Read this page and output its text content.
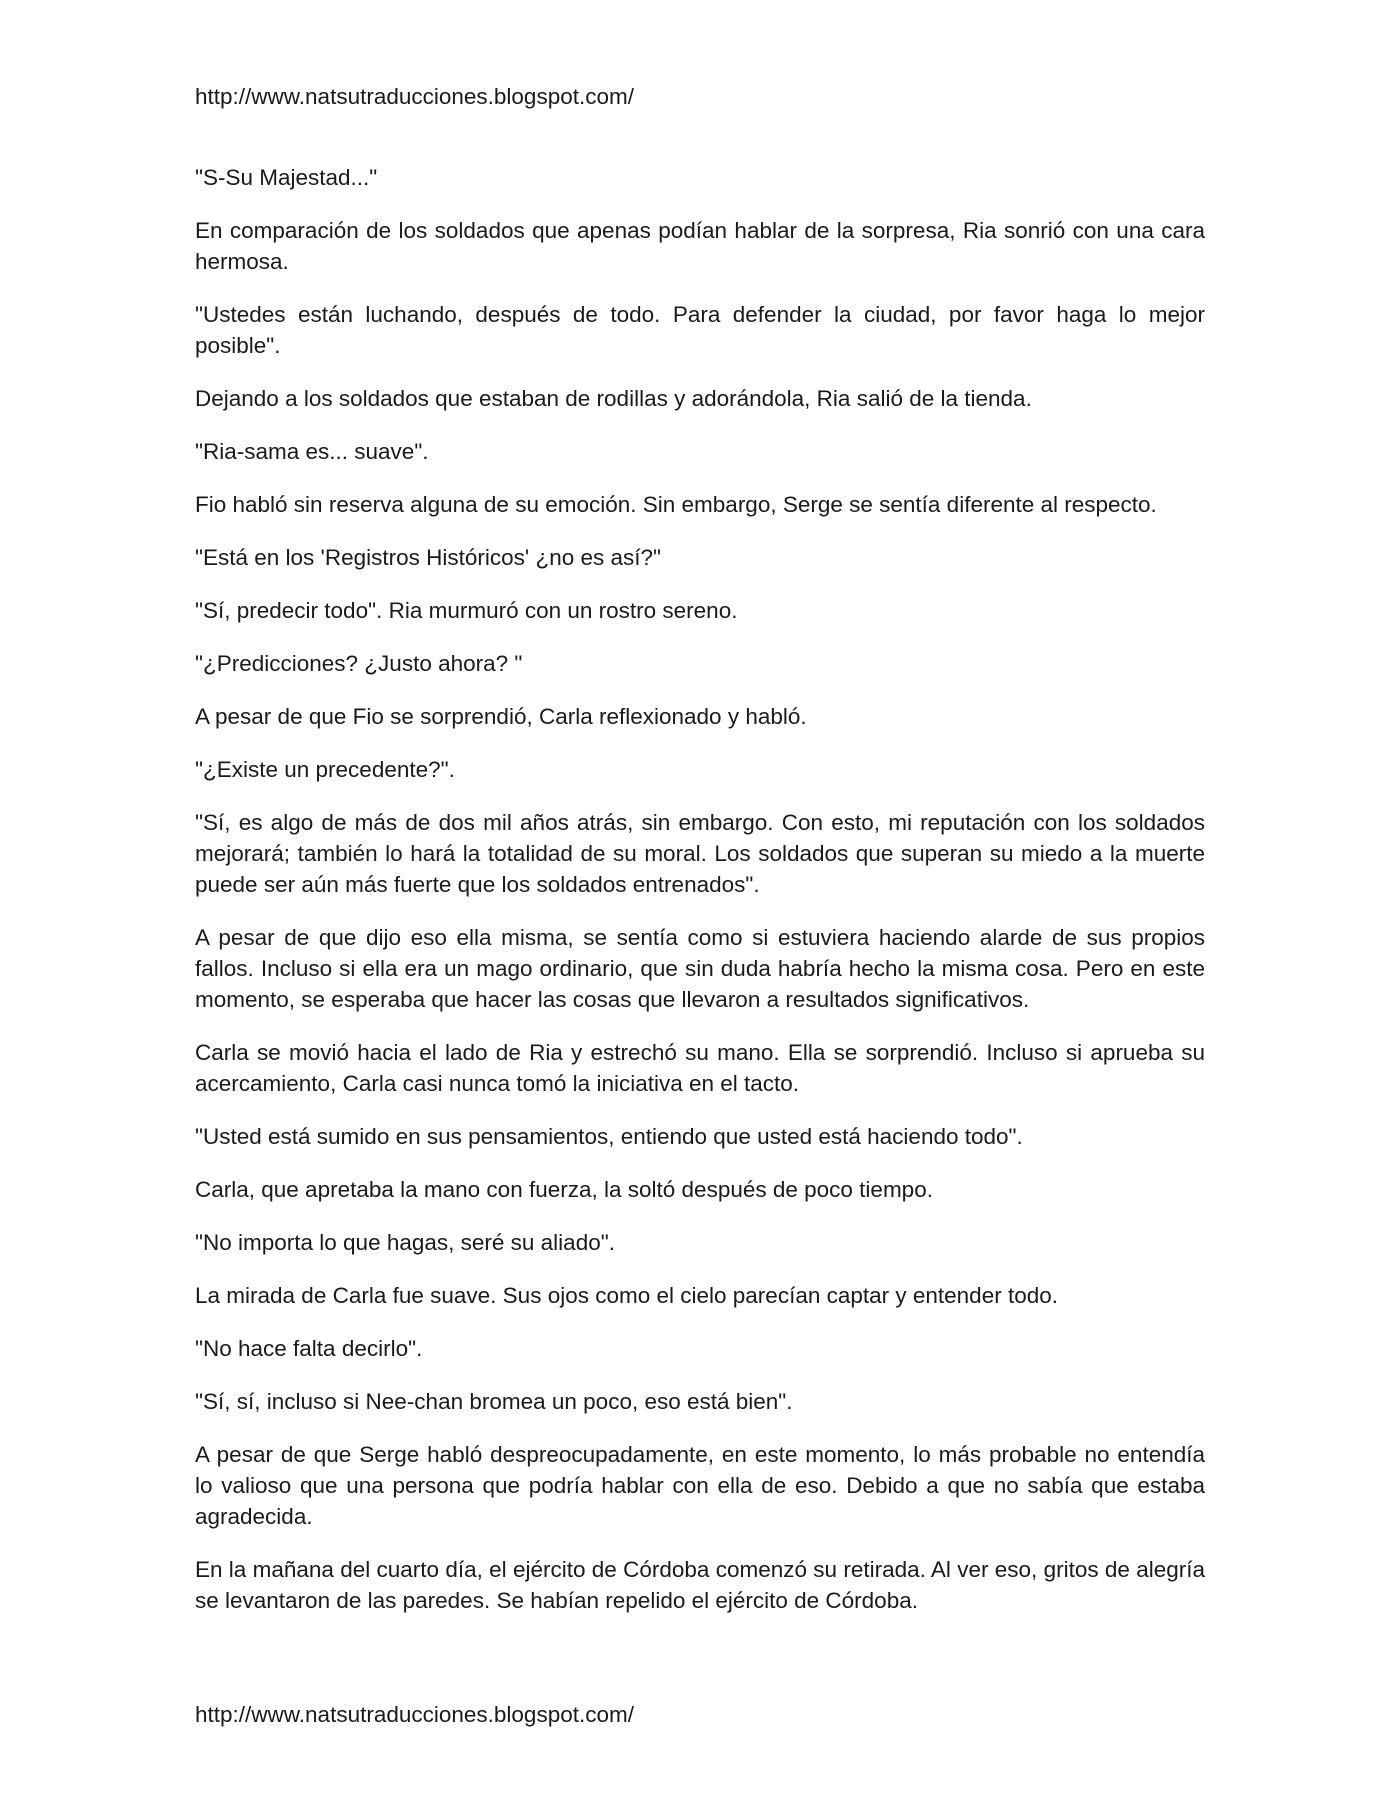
http://www.natsutraducciones.blogspot.com/

"S-Su Majestad..."

En comparación de los soldados que apenas podían hablar de la sorpresa, Ria sonrió con una cara hermosa.

"Ustedes están luchando, después de todo. Para defender la ciudad, por favor haga lo mejor posible".

Dejando a los soldados que estaban de rodillas y adorándola, Ria salió de la tienda.

"Ria-sama es... suave".

Fio habló sin reserva alguna de su emoción. Sin embargo, Serge se sentía diferente al respecto.

"Está en los 'Registros Históricos' ¿no es así?"

"Sí, predecir todo". Ria murmuró con un rostro sereno.

"¿Predicciones? ¿Justo ahora? "

A pesar de que Fio se sorprendió, Carla reflexionado y habló.

"¿Existe un precedente?".

"Sí, es algo de más de dos mil años atrás, sin embargo. Con esto, mi reputación con los soldados mejorará; también lo hará la totalidad de su moral. Los soldados que superan su miedo a la muerte puede ser aún más fuerte que los soldados entrenados".

A pesar de que dijo eso ella misma, se sentía como si estuviera haciendo alarde de sus propios fallos. Incluso si ella era un mago ordinario, que sin duda habría hecho la misma cosa. Pero en este momento, se esperaba que hacer las cosas que llevaron a resultados significativos.

Carla se movió hacia el lado de Ria y estrechó su mano. Ella se sorprendió. Incluso si aprueba su acercamiento, Carla casi nunca tomó la iniciativa en el tacto.

"Usted está sumido en sus pensamientos, entiendo que usted está haciendo todo".

Carla, que apretaba la mano con fuerza, la soltó después de poco tiempo.

"No importa lo que hagas, seré su aliado".

La mirada de Carla fue suave. Sus ojos como el cielo parecían captar y entender todo.

"No hace falta decirlo".

"Sí, sí, incluso si Nee-chan bromea un poco, eso está bien".

A pesar de que Serge habló despreocupadamente, en este momento, lo más probable no entendía lo valioso que una persona que podría hablar con ella de eso. Debido a que no sabía que estaba agradecida.

En la mañana del cuarto día, el ejército de Córdoba comenzó su retirada. Al ver eso, gritos de alegría se levantaron de las paredes. Se habían repelido el ejército de Córdoba.

http://www.natsutraducciones.blogspot.com/
